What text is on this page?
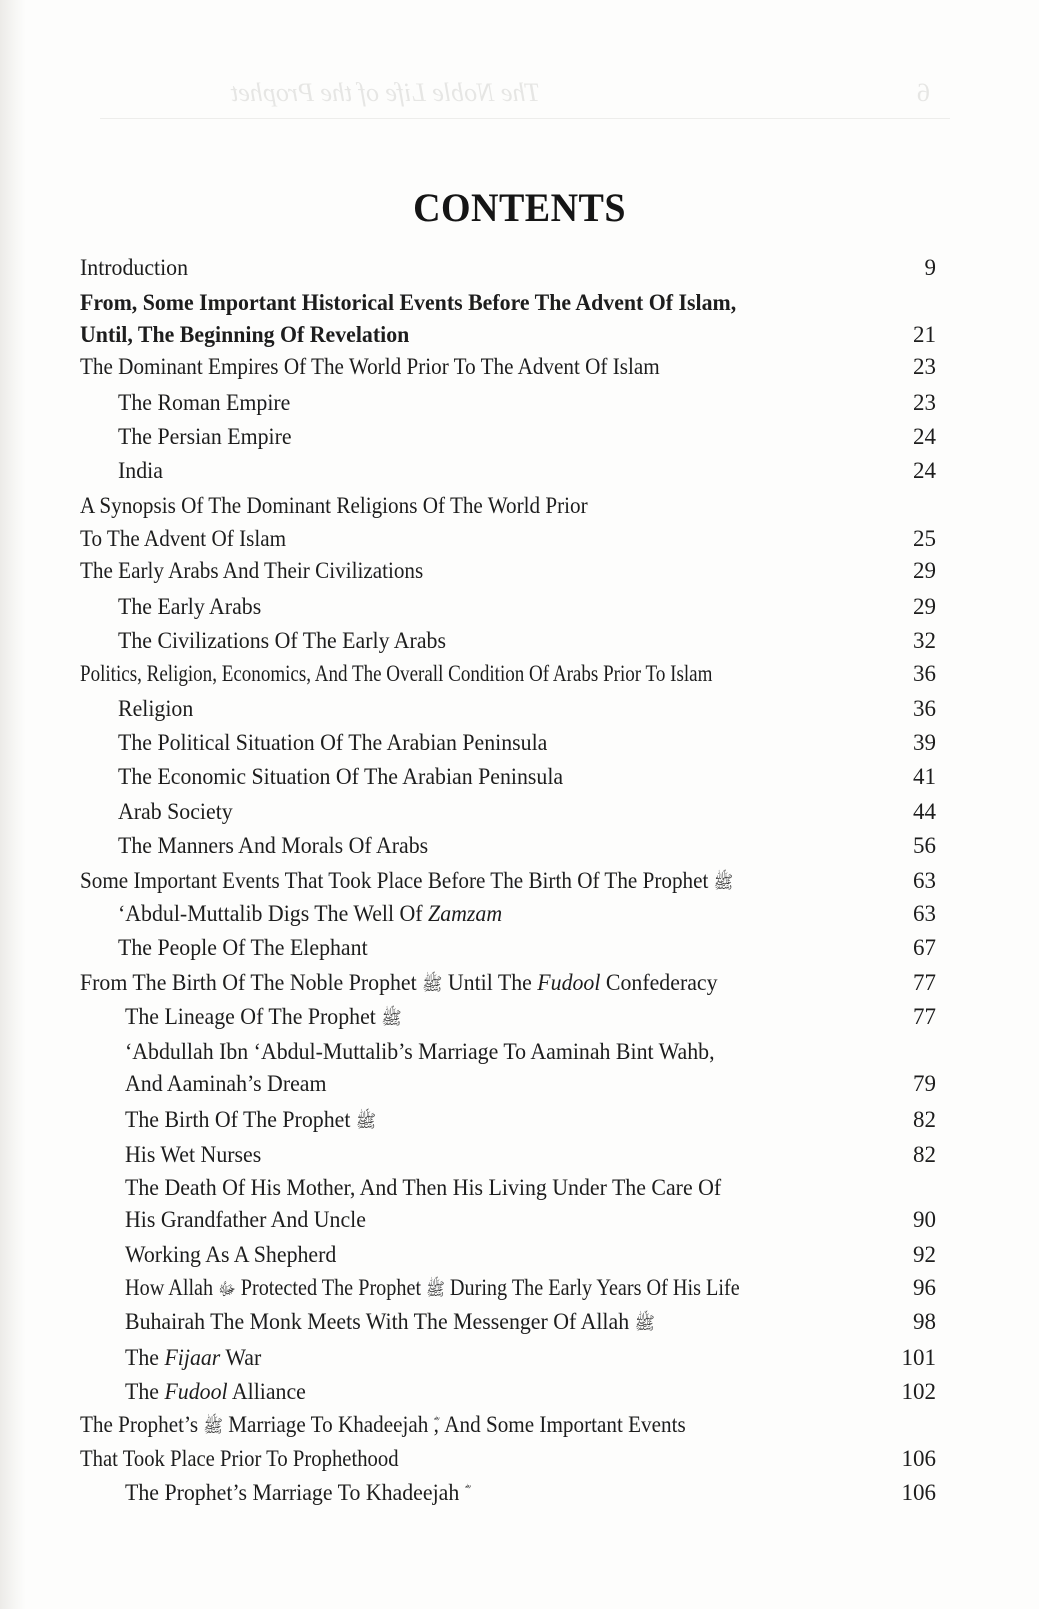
6
The Noble Life of the Prophet
CONTENTS
Introduction	9
From, Some Important Historical Events Before The Advent Of Islam,
Until, The Beginning Of Revelation	21
The Dominant Empires Of The World Prior To The Advent Of Islam	23
The Roman Empire	23
The Persian Empire	24
India	24
A Synopsis Of The Dominant Religions Of The World Prior
To The Advent Of Islam	25
The Early Arabs And Their Civilizations	29
The Early Arabs	29
The Civilizations Of The Early Arabs	32
Politics, Religion, Economics, And The Overall Condition Of Arabs Prior To Islam	36
Religion	36
The Political Situation Of The Arabian Peninsula	39
The Economic Situation Of The Arabian Peninsula	41
Arab Society	44
The Manners And Morals Of Arabs	56
Some Important Events That Took Place Before The Birth Of The Prophet ﷺ	63
‘Abdul-Muttalib Digs The Well Of Zamzam	63
The People Of The Elephant	67
From The Birth Of The Noble Prophet ﷺ Until The Fudool Confederacy	77
The Lineage Of The Prophet ﷺ	77
‘Abdullah Ibn ‘Abdul-Muttalib’s Marriage To Aaminah Bint Wahb,
And Aaminah’s Dream	79
The Birth Of The Prophet ﷺ	82
His Wet Nurses	82
The Death Of His Mother, And Then His Living Under The Care Of
His Grandfather And Uncle	90
Working As A Shepherd	92
How Allah ﷻ Protected The Prophet ﷺ During The Early Years Of His Life	96
Buhairah The Monk Meets With The Messenger Of Allah ﷺ	98
The Fijaar War	101
The Fudool Alliance	102
The Prophet’s ﷺ Marriage To Khadeejah , And Some Important Events
That Took Place Prior To Prophethood	106
The Prophet’s Marriage To Khadeejah	106
